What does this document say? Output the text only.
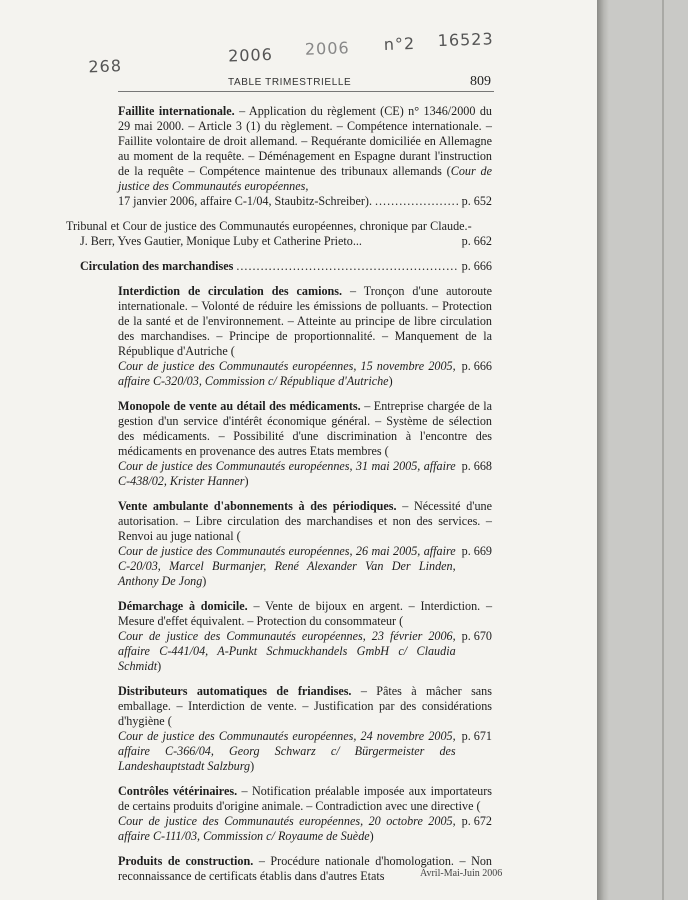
268
2006 2006 n°2 16523
TABLE TRIMESTRIELLE	809
Faillite internationale. – Application du règlement (CE) n° 1346/2000 du 29 mai 2000. – Article 3 (1) du règlement. – Compétence internationale. – Faillite volontaire de droit allemand. – Requérante domiciliée en Allemagne au moment de la requête. – Déménagement en Espagne durant l'instruction de la requête – Compétence maintenue des tribunaux allemands (Cour de justice des Communautés européennes,
17 janvier 2006, affaire C-1/04, Staubitz-Schreiber). .....	p. 652
Tribunal et Cour de justice des Communautés européennes, chronique par Claude.-J. Berr, Yves Gautier, Monique Luby et Catherine Prieto...	p. 662
Circulation des marchandises .....	p. 666
Interdiction de circulation des camions. – Tronçon d'une autoroute internationale. – Volonté de réduire les émissions de polluants. – Protection de la santé et de l'environnement. – Atteinte au principe de libre circulation des marchandises. – Principe de proportionnalité. – Manquement de la République d'Autriche (
Cour de justice des Communautés européennes, 15 novembre 2005, affaire C-320/03, Commission c/ République d'Autriche)
p. 666
Monopole de vente au détail des médicaments. – Entreprise chargée de la gestion d'un service d'intérêt économique général. – Système de sélection des médicaments. – Possibilité d'une discrimination à l'encontre des médicaments en provenance des autres Etats membres (
Cour de justice des Communautés européennes, 31 mai 2005, affaire C-438/02, Krister Hanner)
p. 668
Vente ambulante d'abonnements à des périodiques. – Nécessité d'une autorisation. – Libre circulation des marchandises et non des services. – Renvoi au juge national (
Cour de justice des Communautés européennes, 26 mai 2005, affaire C-20/03, Marcel Burmanjer, René Alexander Van Der Linden, Anthony De Jong)
p. 669
Démarchage à domicile. – Vente de bijoux en argent. – Interdiction. – Mesure d'effet équivalent. – Protection du consommateur (
Cour de justice des Communautés européennes, 23 février 2006, affaire C-441/04, A-Punkt Schmuckhandels GmbH c/ Claudia Schmidt)
p. 670
Distributeurs automatiques de friandises. – Pâtes à mâcher sans emballage. – Interdiction de vente. – Justification par des considérations d'hygiène (
Cour de justice des Communautés européennes, 24 novembre 2005, affaire C-366/04, Georg Schwarz c/ Bürgermeister des Landeshauptstadt Salzburg)
p. 671
Contrôles vétérinaires. – Notification préalable imposée aux importateurs de certains produits d'origine animale. – Contradiction avec une directive (
Cour de justice des Communautés européennes, 20 octobre 2005, affaire C-111/03, Commission c/ Royaume de Suède)
p. 672
Produits de construction. – Procédure nationale d'homologation. – Non reconnaissance de certificats établis dans d'autres Etats	Avril-Mai-Juin 2006
